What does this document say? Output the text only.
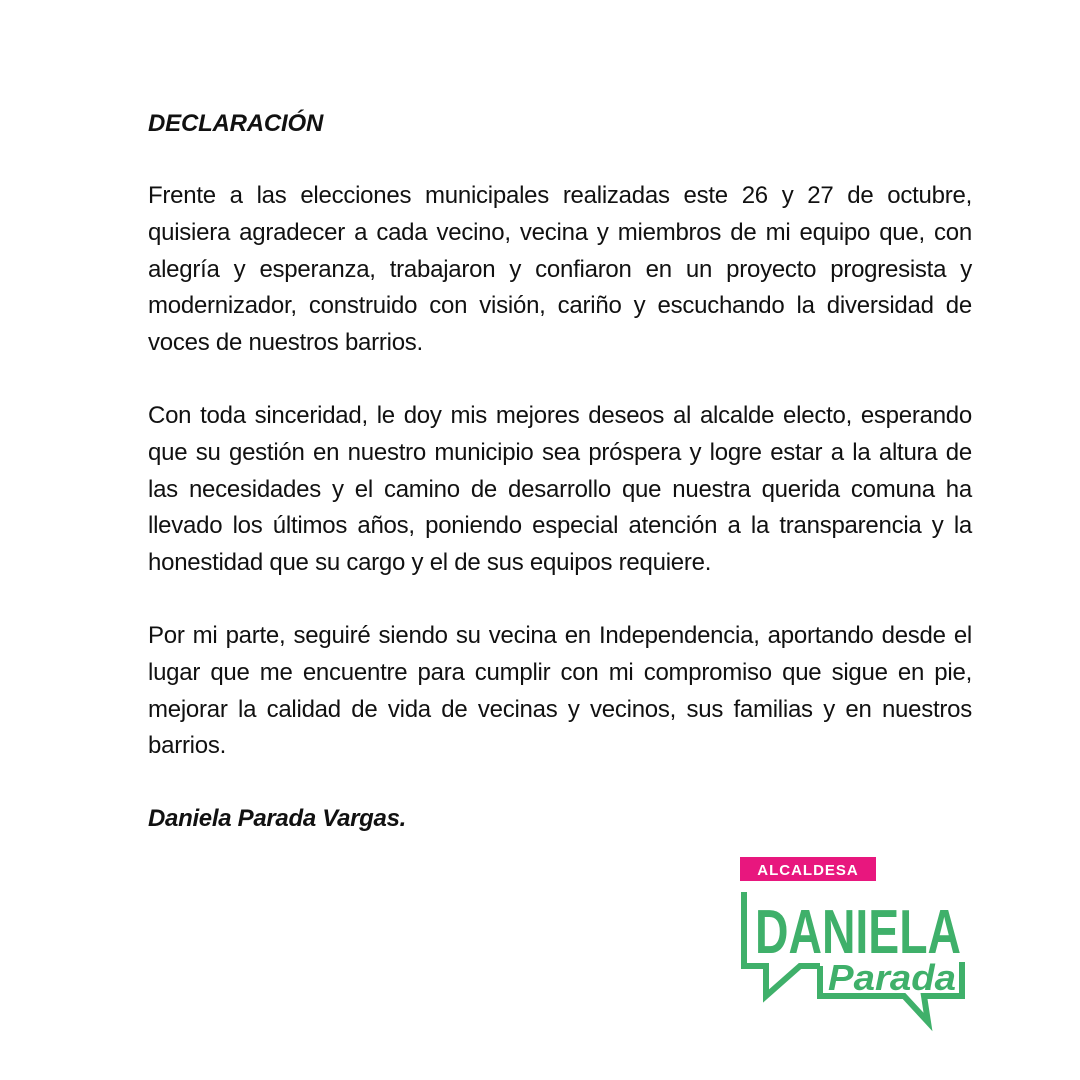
DECLARACIÓN

Frente a las elecciones municipales realizadas este 26 y 27 de octubre, quisiera agradecer a cada vecino, vecina y miembros de mi equipo que, con alegría y esperanza, trabajaron y confiaron en un proyecto progresista y modernizador, construido con visión, cariño y escuchando la diversidad de voces de nuestros barrios.

Con toda sinceridad, le doy mis mejores deseos al alcalde electo, esperando que su gestión en nuestro municipio sea próspera y logre estar a la altura de las necesidades y el camino de desarrollo que nuestra querida comuna ha llevado los últimos años, poniendo especial atención a la transparencia y la honestidad que su cargo y el de sus equipos requiere.

Por mi parte, seguiré siendo su vecina en Independencia, aportando desde el lugar que me encuentre para cumplir con mi compromiso que sigue en pie, mejorar la calidad de vida de vecinas y vecinos, sus familias y en nuestros barrios.

Daniela Parada Vargas.

ALCALDESA
DANIELA
Parada
